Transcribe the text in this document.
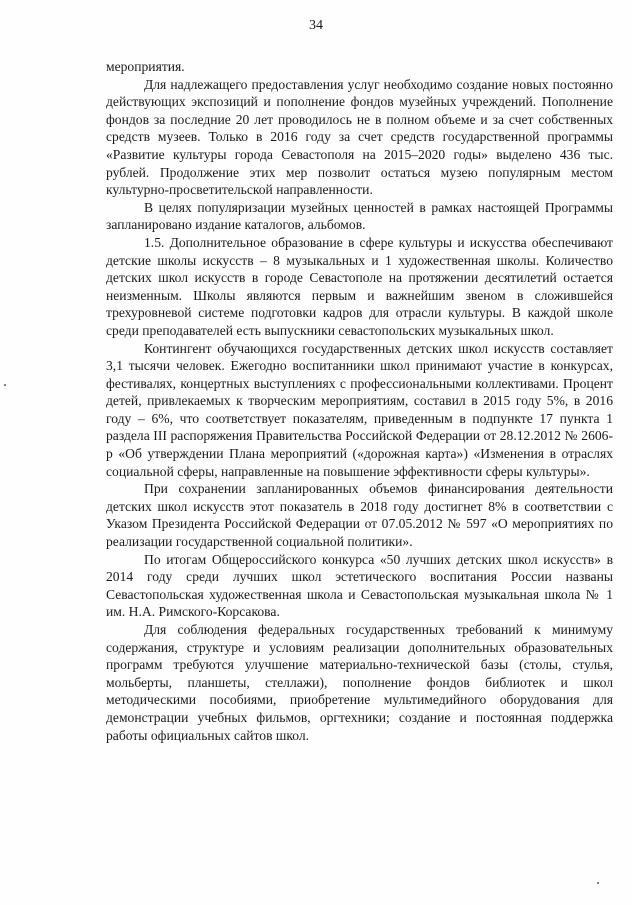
34

мероприятия.

Для надлежащего предоставления услуг необходимо создание новых постоянно действующих экспозиций и пополнение фондов музейных учреждений. Пополнение фондов за последние 20 лет проводилось не в полном объеме и за счет собственных средств музеев. Только в 2016 году за счет средств государственной программы «Развитие культуры города Севастополя на 2015–2020 годы» выделено 436 тыс. рублей. Продолжение этих мер позволит остаться музею популярным местом культурно-просветительской направленности.

В целях популяризации музейных ценностей в рамках настоящей Программы запланировано издание каталогов, альбомов.

1.5. Дополнительное образование в сфере культуры и искусства обеспечивают детские школы искусств – 8 музыкальных и 1 художественная школы. Количество детских школ искусств в городе Севастополе на протяжении десятилетий остается неизменным. Школы являются первым и важнейшим звеном в сложившейся трехуровневой системе подготовки кадров для отрасли культуры. В каждой школе среди преподавателей есть выпускники севастопольских музыкальных школ.

Контингент обучающихся государственных детских школ искусств составляет 3,1 тысячи человек. Ежегодно воспитанники школ принимают участие в конкурсах, фестивалях, концертных выступлениях с профессиональными коллективами. Процент детей, привлекаемых к творческим мероприятиям, составил в 2015 году 5%, в 2016 году – 6%, что соответствует показателям, приведенным в подпункте 17 пункта 1 раздела III распоряжения Правительства Российской Федерации от 28.12.2012 № 2606-р «Об утверждении Плана мероприятий («дорожная карта») «Изменения в отраслях социальной сферы, направленные на повышение эффективности сферы культуры».

При сохранении запланированных объемов финансирования деятельности детских школ искусств этот показатель в 2018 году достигнет 8% в соответствии с Указом Президента Российской Федерации от 07.05.2012 № 597 «О мероприятиях по реализации государственной социальной политики».

По итогам Общероссийского конкурса «50 лучших детских школ искусств» в 2014 году среди лучших школ эстетического воспитания России названы Севастопольская художественная школа и Севастопольская музыкальная школа № 1 им. Н.А. Римского-Корсакова.

Для соблюдения федеральных государственных требований к минимуму содержания, структуре и условиям реализации дополнительных образовательных программ требуются улучшение материально-технической базы (столы, стулья, мольберты, планшеты, стеллажи), пополнение фондов библиотек и школ методическими пособиями, приобретение мультимедийного оборудования для демонстрации учебных фильмов, оргтехники; создание и постоянная поддержка работы официальных сайтов школ.
